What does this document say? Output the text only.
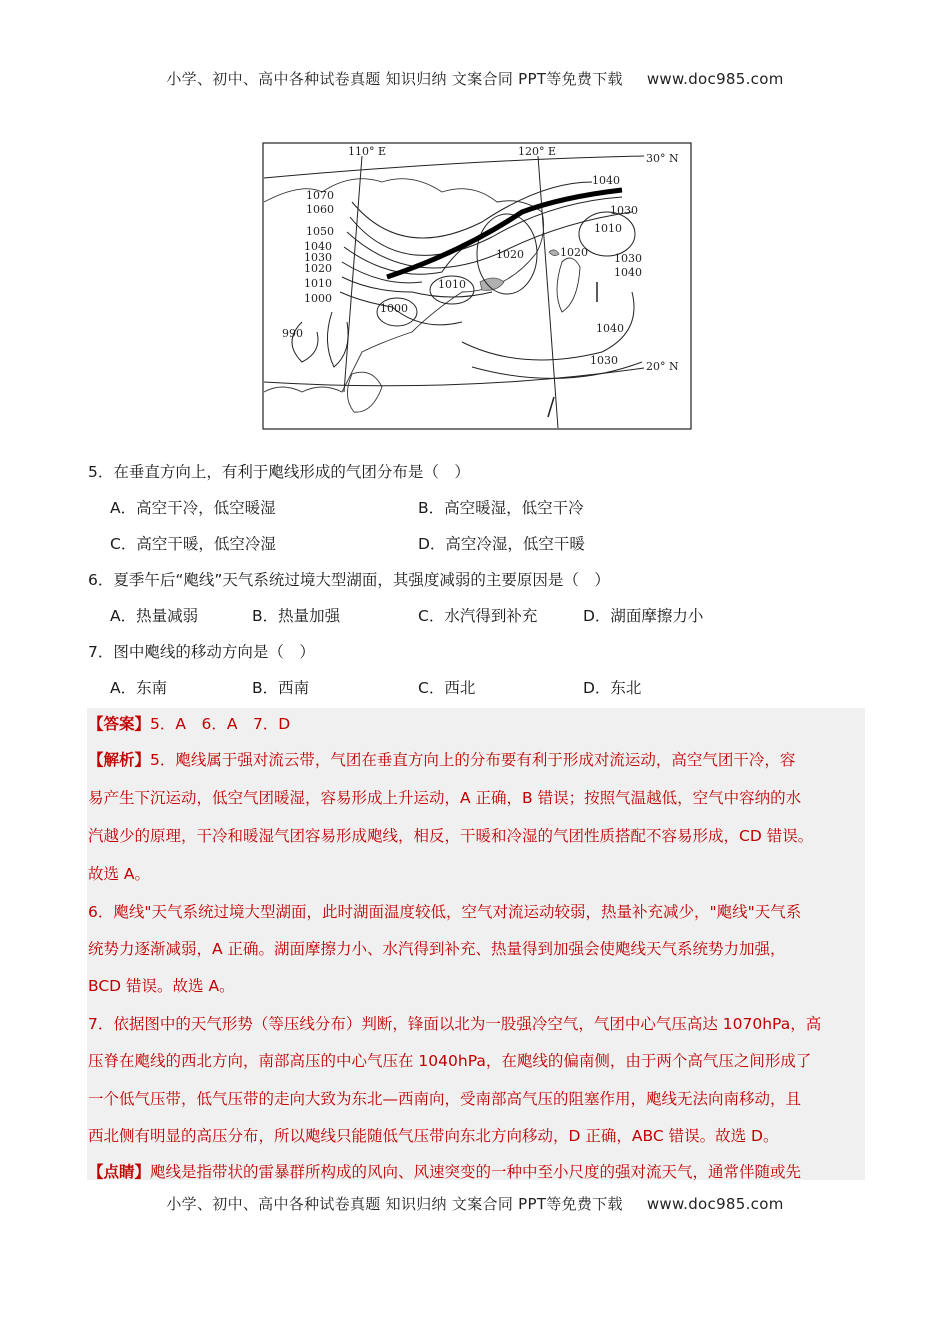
小学、初中、高中各种试卷真题 知识归纳 文案合同 PPT等免费下载 www.doc985.com
110° E	120° E
30° N
20° N
1070
1060
1050
1040
1030
1020
1010
1000
990
1010
1000
1020	1020
1010
1030
1040
1040
1030
1040
1030
5．在垂直方向上，有利于飑线形成的气团分布是（　）
A．高空干冷，低空暖湿	B．高空暖湿，低空干冷
C．高空干暖，低空冷湿	D．高空冷湿，低空干暖
6．夏季午后“飑线”天气系统过境大型湖面，其强度减弱的主要原因是（　）
A．热量减弱	B．热量加强	C．水汽得到补充	D．湖面摩擦力小
7．图中飑线的移动方向是（　）
A．东南	B．西南	C．西北	D．东北
【答案】5．A　6．A　7．D
【解析】5．飑线属于强对流云带，气团在垂直方向上的分布要有利于形成对流运动，高空气团干冷，容
易产生下沉运动，低空气团暖湿，容易形成上升运动，A 正确，B 错误；按照气温越低，空气中容纳的水
汽越少的原理，干冷和暖湿气团容易形成飑线，相反，干暖和冷湿的气团性质搭配不容易形成，CD 错误。
故选 A。
6．飑线"天气系统过境大型湖面，此时湖面温度较低，空气对流运动较弱，热量补充减少，"飑线"天气系
统势力逐渐减弱，A 正确。湖面摩擦力小、水汽得到补充、热量得到加强会使飑线天气系统势力加强，
BCD 错误。故选 A。
7．依据图中的天气形势（等压线分布）判断，锋面以北为一股强冷空气，气团中心气压高达 1070hPa，高
压脊在飑线的西北方向，南部高压的中心气压在 1040hPa，在飑线的偏南侧，由于两个高气压之间形成了
一个低气压带，低气压带的走向大致为东北—西南向，受南部高气压的阻塞作用，飑线无法向南移动，且
西北侧有明显的高压分布，所以飑线只能随低气压带向东北方向移动，D 正确，ABC 错误。故选 D。
【点睛】飑线是指带状的雷暴群所构成的风向、风速突变的一种中至小尺度的强对流天气，通常伴随或先
小学、初中、高中各种试卷真题 知识归纳 文案合同 PPT等免费下载 www.doc985.com
